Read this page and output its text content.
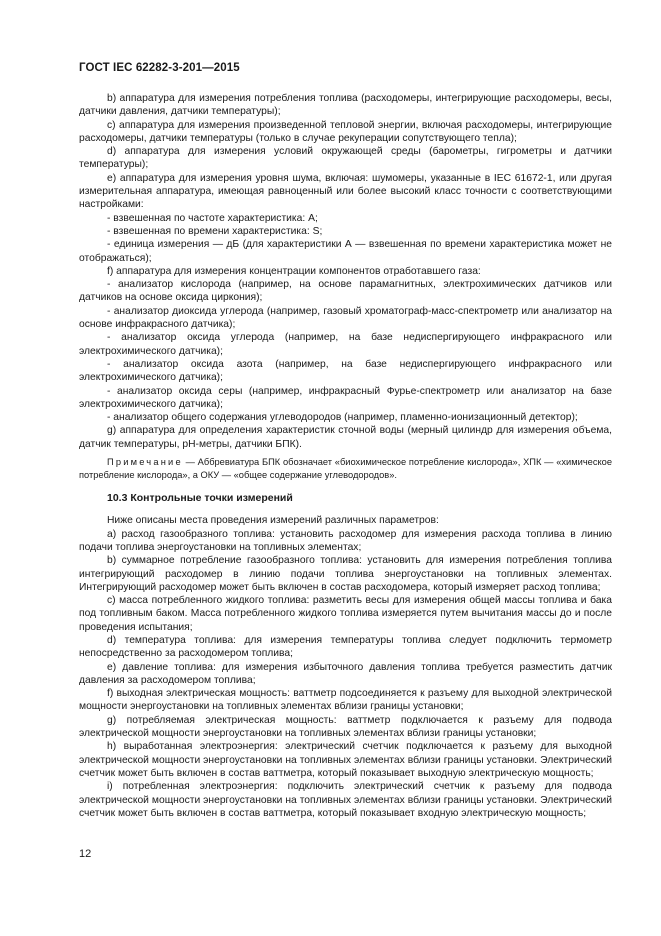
ГОСТ IEC 62282-3-201—2015

b) аппаратура для измерения потребления топлива (расходомеры, интегрирующие расходомеры, весы, датчики давления, датчики температуры);

c) аппаратура для измерения произведенной тепловой энергии, включая расходомеры, интегрирующие расходомеры, датчики температуры (только в случае рекуперации сопутствующего тепла);

d) аппаратура для измерения условий окружающей среды (барометры, гигрометры и датчики температуры);

e) аппаратура для измерения уровня шума, включая: шумомеры, указанные в IEC 61672-1, или другая измерительная аппаратура, имеющая равноценный или более высокий класс точности с соответствующими настройками:

- взвешенная по частоте характеристика: А;

- взвешенная по времени характеристика: S;

- единица измерения — дБ (для характеристики А — взвешенная по времени характеристика может не отображаться);

f) аппаратура для измерения концентрации компонентов отработавшего газа:

- анализатор кислорода (например, на основе парамагнитных, электрохимических датчиков или датчиков на основе оксида циркония);

- анализатор диоксида углерода (например, газовый хроматограф-масс-спектрометр или анализатор на основе инфракрасного датчика);

- анализатор оксида углерода (например, на базе недиспергирующего инфракрасного или электрохимического датчика);

- анализатор оксида азота (например, на базе недиспергирующего инфракрасного или электрохимического датчика);

- анализатор оксида серы (например, инфракрасный Фурье-спектрометр или анализатор на базе электрохимического датчика);

- анализатор общего содержания углеводородов (например, пламенно-ионизационный детектор);

g) аппаратура для определения характеристик сточной воды (мерный цилиндр для измерения объема, датчик температуры, pH-метры, датчики БПК).

Примечание — Аббревиатура БПК обозначает «биохимическое потребление кислорода», ХПК — «химическое потребление кислорода», а ОКУ — «общее содержание углеводородов».

10.3 Контрольные точки измерений

Ниже описаны места проведения измерений различных параметров:

a) расход газообразного топлива: установить расходомер для измерения расхода топлива в линию подачи топлива энергоустановки на топливных элементах;

b) суммарное потребление газообразного топлива: установить для измерения потребления топлива интегрирующий расходомер в линию подачи топлива энергоустановки на топливных элементах. Интегрирующий расходомер может быть включен в состав расходомера, который измеряет расход топлива;

c) масса потребленного жидкого топлива: разметить весы для измерения общей массы топлива и бака под топливным баком. Масса потребленного жидкого топлива измеряется путем вычитания массы до и после проведения испытания;

d) температура топлива: для измерения температуры топлива следует подключить термометр непосредственно за расходомером топлива;

e) давление топлива: для измерения избыточного давления топлива требуется разместить датчик давления за расходомером топлива;

f) выходная электрическая мощность: ваттметр подсоединяется к разъему для выходной электрической мощности энергоустановки на топливных элементах вблизи границы установки;

g) потребляемая электрическая мощность: ваттметр подключается к разъему для подвода электрической мощности энергоустановки на топливных элементах вблизи границы установки;

h) выработанная электроэнергия: электрический счетчик подключается к разъему для выходной электрической мощности энергоустановки на топливных элементах вблизи границы установки. Электрический счетчик может быть включен в состав ваттметра, который показывает выходную электрическую мощность;

i) потребленная электроэнергия: подключить электрический счетчик к разъему для подвода электрической мощности энергоустановки на топливных элементах вблизи границы установки. Электрический счетчик может быть включен в состав ваттметра, который показывает входную электрическую мощность;

12
